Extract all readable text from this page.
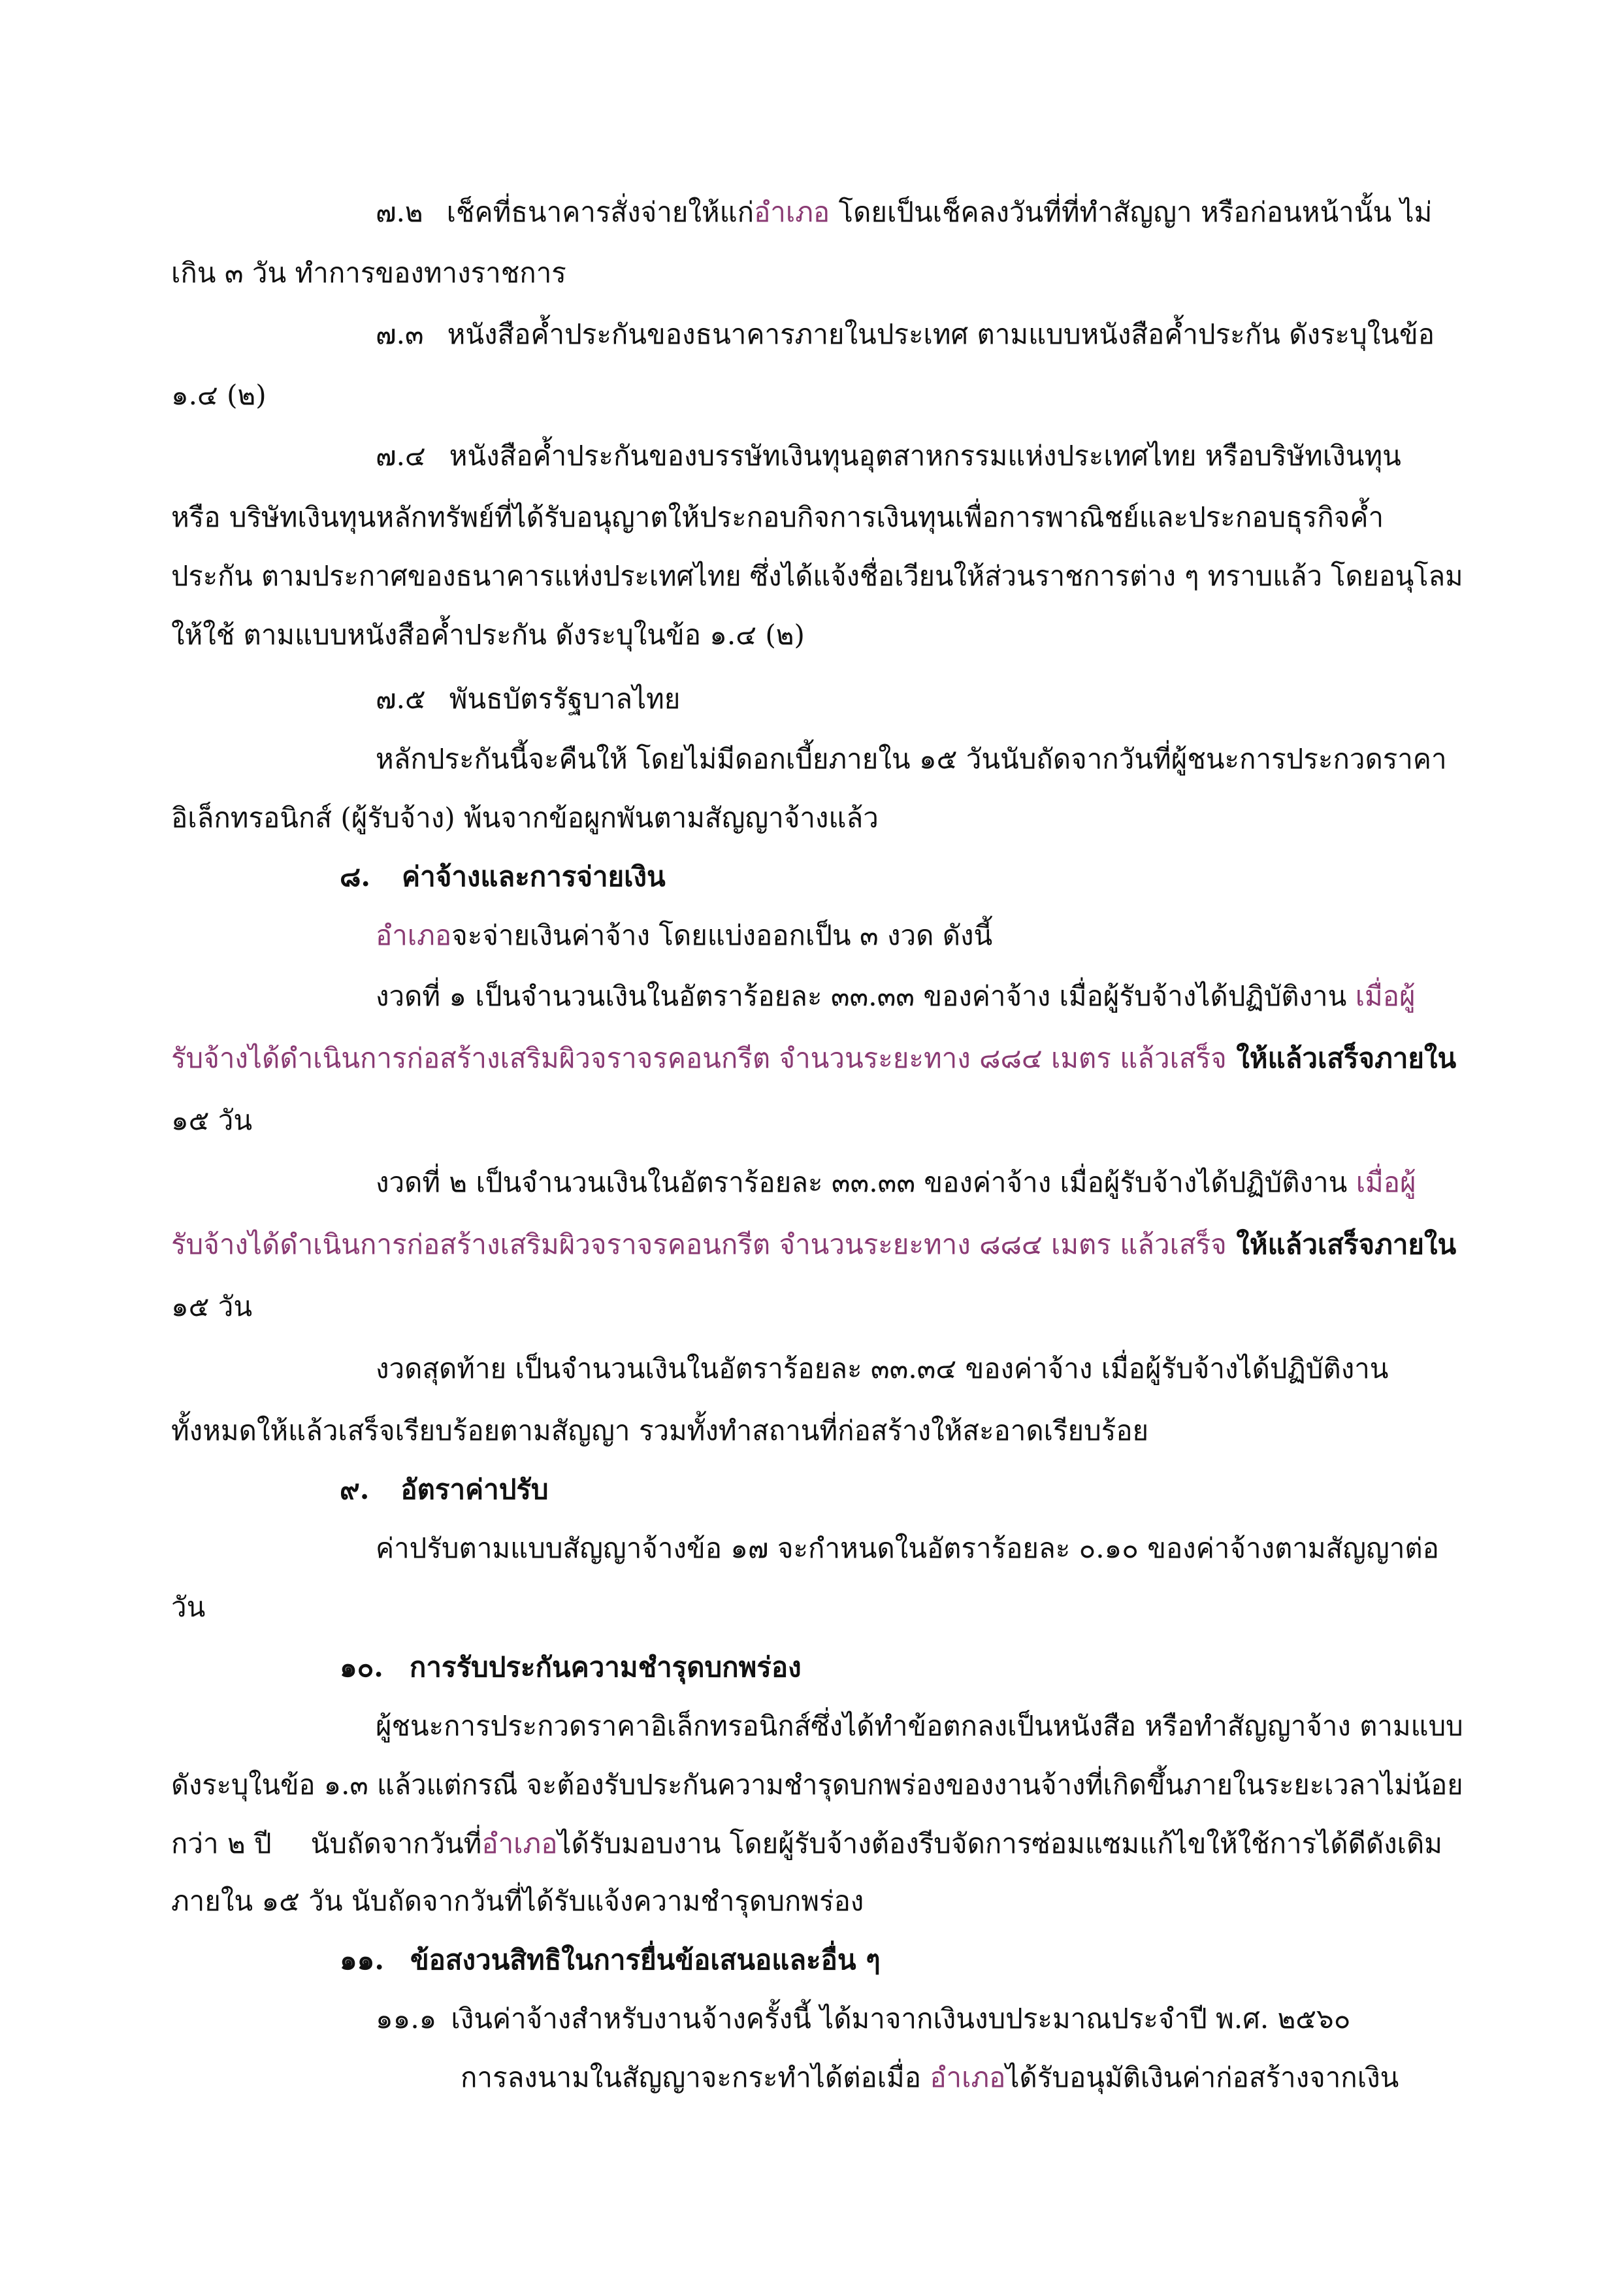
๗.๒ เช็คที่ธนาคารสั่งจ่ายให้แก่อำเภอ โดยเป็นเช็คลงวันที่ที่ทำสัญญา หรือก่อนหน้านั้น ไม่
เกิน ๓ วัน ทำการของทางราชการ
๗.๓ หนังสือค้ำประกันของธนาคารภายในประเทศ ตามแบบหนังสือค้ำประกัน ดังระบุในข้อ
๑.๔ (๒)
๗.๔ หนังสือค้ำประกันของบรรษัทเงินทุนอุตสาหกรรมแห่งประเทศไทย หรือบริษัทเงินทุน
หรือ บริษัทเงินทุนหลักทรัพย์ที่ได้รับอนุญาตให้ประกอบกิจการเงินทุนเพื่อการพาณิชย์และประกอบธุรกิจค้ำ
ประกัน ตามประกาศของธนาคารแห่งประเทศไทย ซึ่งได้แจ้งชื่อเวียนให้ส่วนราชการต่าง ๆ ทราบแล้ว โดยอนุโลม
ให้ใช้ ตามแบบหนังสือค้ำประกัน ดังระบุในข้อ ๑.๔ (๒)
๗.๕ พันธบัตรรัฐบาลไทย
หลักประกันนี้จะคืนให้ โดยไม่มีดอกเบี้ยภายใน ๑๕ วันนับถัดจากวันที่ผู้ชนะการประกวดราคา
อิเล็กทรอนิกส์ (ผู้รับจ้าง) พ้นจากข้อผูกพันตามสัญญาจ้างแล้ว
๘. ค่าจ้างและการจ่ายเงิน
อำเภอจะจ่ายเงินค่าจ้าง โดยแบ่งออกเป็น ๓ งวด ดังนี้
งวดที่ ๑ เป็นจำนวนเงินในอัตราร้อยละ ๓๓.๓๓ ของค่าจ้าง เมื่อผู้รับจ้างได้ปฏิบัติงาน เมื่อผู้
รับจ้างได้ดำเนินการก่อสร้างเสริมผิวจราจรคอนกรีต จำนวนระยะทาง ๘๘๔ เมตร แล้วเสร็จ ให้แล้วเสร็จภายใน
๑๕ วัน
งวดที่ ๒ เป็นจำนวนเงินในอัตราร้อยละ ๓๓.๓๓ ของค่าจ้าง เมื่อผู้รับจ้างได้ปฏิบัติงาน เมื่อผู้
รับจ้างได้ดำเนินการก่อสร้างเสริมผิวจราจรคอนกรีต จำนวนระยะทาง ๘๘๔ เมตร แล้วเสร็จ ให้แล้วเสร็จภายใน
๑๕ วัน
งวดสุดท้าย เป็นจำนวนเงินในอัตราร้อยละ ๓๓.๓๔ ของค่าจ้าง เมื่อผู้รับจ้างได้ปฏิบัติงาน
ทั้งหมดให้แล้วเสร็จเรียบร้อยตามสัญญา รวมทั้งทำสถานที่ก่อสร้างให้สะอาดเรียบร้อย
๙. อัตราค่าปรับ
ค่าปรับตามแบบสัญญาจ้างข้อ ๑๗ จะกำหนดในอัตราร้อยละ ๐.๑๐ ของค่าจ้างตามสัญญาต่อ
วัน
๑๐. การรับประกันความชำรุดบกพร่อง
ผู้ชนะการประกวดราคาอิเล็กทรอนิกส์ซึ่งได้ทำข้อตกลงเป็นหนังสือ หรือทำสัญญาจ้าง ตามแบบ
ดังระบุในข้อ ๑.๓ แล้วแต่กรณี จะต้องรับประกันความชำรุดบกพร่องของงานจ้างที่เกิดขึ้นภายในระยะเวลาไม่น้อย
กว่า ๒ ปี นับถัดจากวันที่อำเภอได้รับมอบงาน โดยผู้รับจ้างต้องรีบจัดการซ่อมแซมแก้ไขให้ใช้การได้ดีดังเดิม
ภายใน ๑๕ วัน นับถัดจากวันที่ได้รับแจ้งความชำรุดบกพร่อง
๑๑. ข้อสงวนสิทธิในการยื่นข้อเสนอและอื่น ๆ
๑๑.๑ เงินค่าจ้างสำหรับงานจ้างครั้งนี้ ได้มาจากเงินงบประมาณประจำปี พ.ศ. ๒๕๖๐
การลงนามในสัญญาจะกระทำได้ต่อเมื่อ อำเภอได้รับอนุมัติเงินค่าก่อสร้างจากเงิน
